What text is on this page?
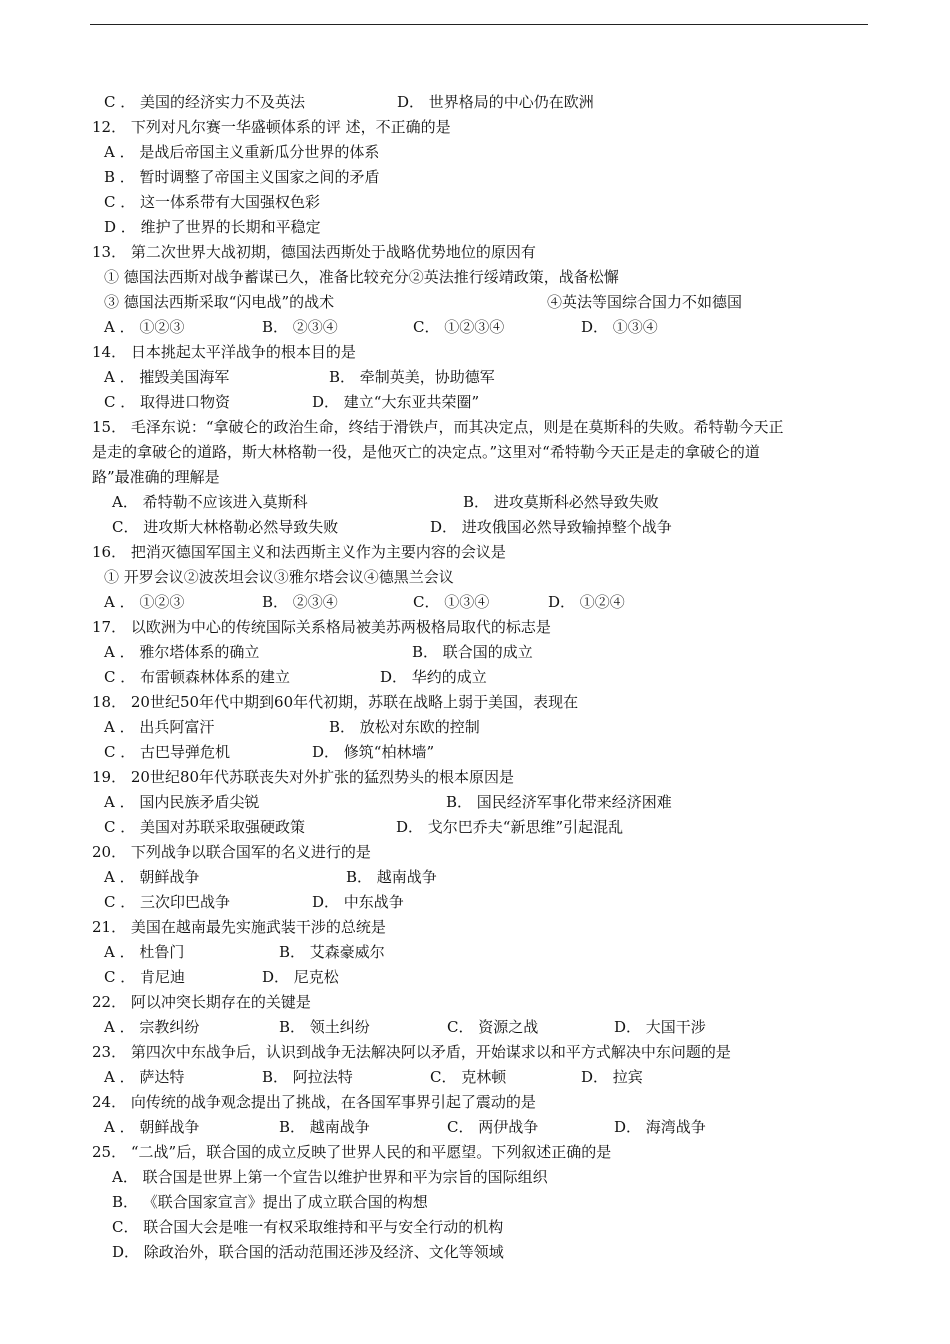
C ． 美国的经济实力不及英法	D． 世界格局的中心仍在欧洲
12． 下列对凡尔赛一华盛顿体系的评 述，不正确的是
A ． 是战后帝国主义重新瓜分世界的体系
B ． 暂时调整了帝国主义国家之间的矛盾
C ． 这一体系带有大国强权色彩
D ． 维护了世界的长期和平稳定
13． 第二次世界大战初期，德国法西斯处于战略优势地位的原因有
① 德国法西斯对战争蓄谋已久，准备比较充分②英法推行绥靖政策，战备松懈
③ 德国法西斯采取“闪电战”的战术	④英法等国综合国力不如德国
A ． ①②③	B． ②③④	C． ①②③④	D． ①③④
14． 日本挑起太平洋战争的根本目的是
A ． 摧毁美国海军	B． 牵制英美，协助德军
C ． 取得进口物资	D． 建立“大东亚共荣圈”
15． 毛泽东说：“拿破仑的政治生命，终结于滑铁卢，而其决定点，则是在莫斯科的失败。希特勒今天正
是走的拿破仑的道路，斯大林格勒一役，是他灭亡的决定点。”这里对“希特勒今天正是走的拿破仑的道
路”最准确的理解是
A． 希特勒不应该进入莫斯科	B． 进攻莫斯科必然导致失败
C． 进攻斯大林格勒必然导致失败	D． 进攻俄国必然导致输掉整个战争
16． 把消灭德国军国主义和法西斯主义作为主要内容的会议是
① 开罗会议②波茨坦会议③雅尔塔会议④德黑兰会议
A ． ①②③	B． ②③④	C． ①③④	D． ①②④
17． 以欧洲为中心的传统国际关系格局被美苏两极格局取代的标志是
A ． 雅尔塔体系的确立	B． 联合国的成立
C ． 布雷顿森林体系的建立	D． 华约的成立
18． 20世纪50年代中期到60年代初期，苏联在战略上弱于美国，表现在
A ． 出兵阿富汗	B． 放松对东欧的控制
C ． 古巴导弹危机	D． 修筑“柏林墙”
19． 20世纪80年代苏联丧失对外扩张的猛烈势头的根本原因是
A ． 国内民族矛盾尖锐	B． 国民经济军事化带来经济困难
C ． 美国对苏联采取强硬政策	D． 戈尔巴乔夫“新思维”引起混乱
20． 下列战争以联合国军的名义进行的是
A ． 朝鲜战争	B． 越南战争
C ． 三次印巴战争	D． 中东战争
21． 美国在越南最先实施武装干涉的总统是
A ． 杜鲁门	B． 艾森豪威尔
C ． 肯尼迪	D． 尼克松
22． 阿以冲突长期存在的关键是
A ． 宗教纠纷	B． 领土纠纷	C． 资源之战	D． 大国干涉
23． 第四次中东战争后，认识到战争无法解决阿以矛盾，开始谋求以和平方式解决中东问题的是
A ． 萨达特	B． 阿拉法特	C． 克林顿	D． 拉宾
24． 向传统的战争观念提出了挑战，在各国军事界引起了震动的是
A ． 朝鲜战争	B． 越南战争	C． 两伊战争	D． 海湾战争
25． “二战”后，联合国的成立反映了世界人民的和平愿望。下列叙述正确的是
A． 联合国是世界上第一个宣告以维护世界和平为宗旨的国际组织
B． 《联合国家宣言》提出了成立联合国的构想
C． 联合国大会是唯一有权采取维持和平与安全行动的机构
D． 除政治外，联合国的活动范围还涉及经济、文化等领域
